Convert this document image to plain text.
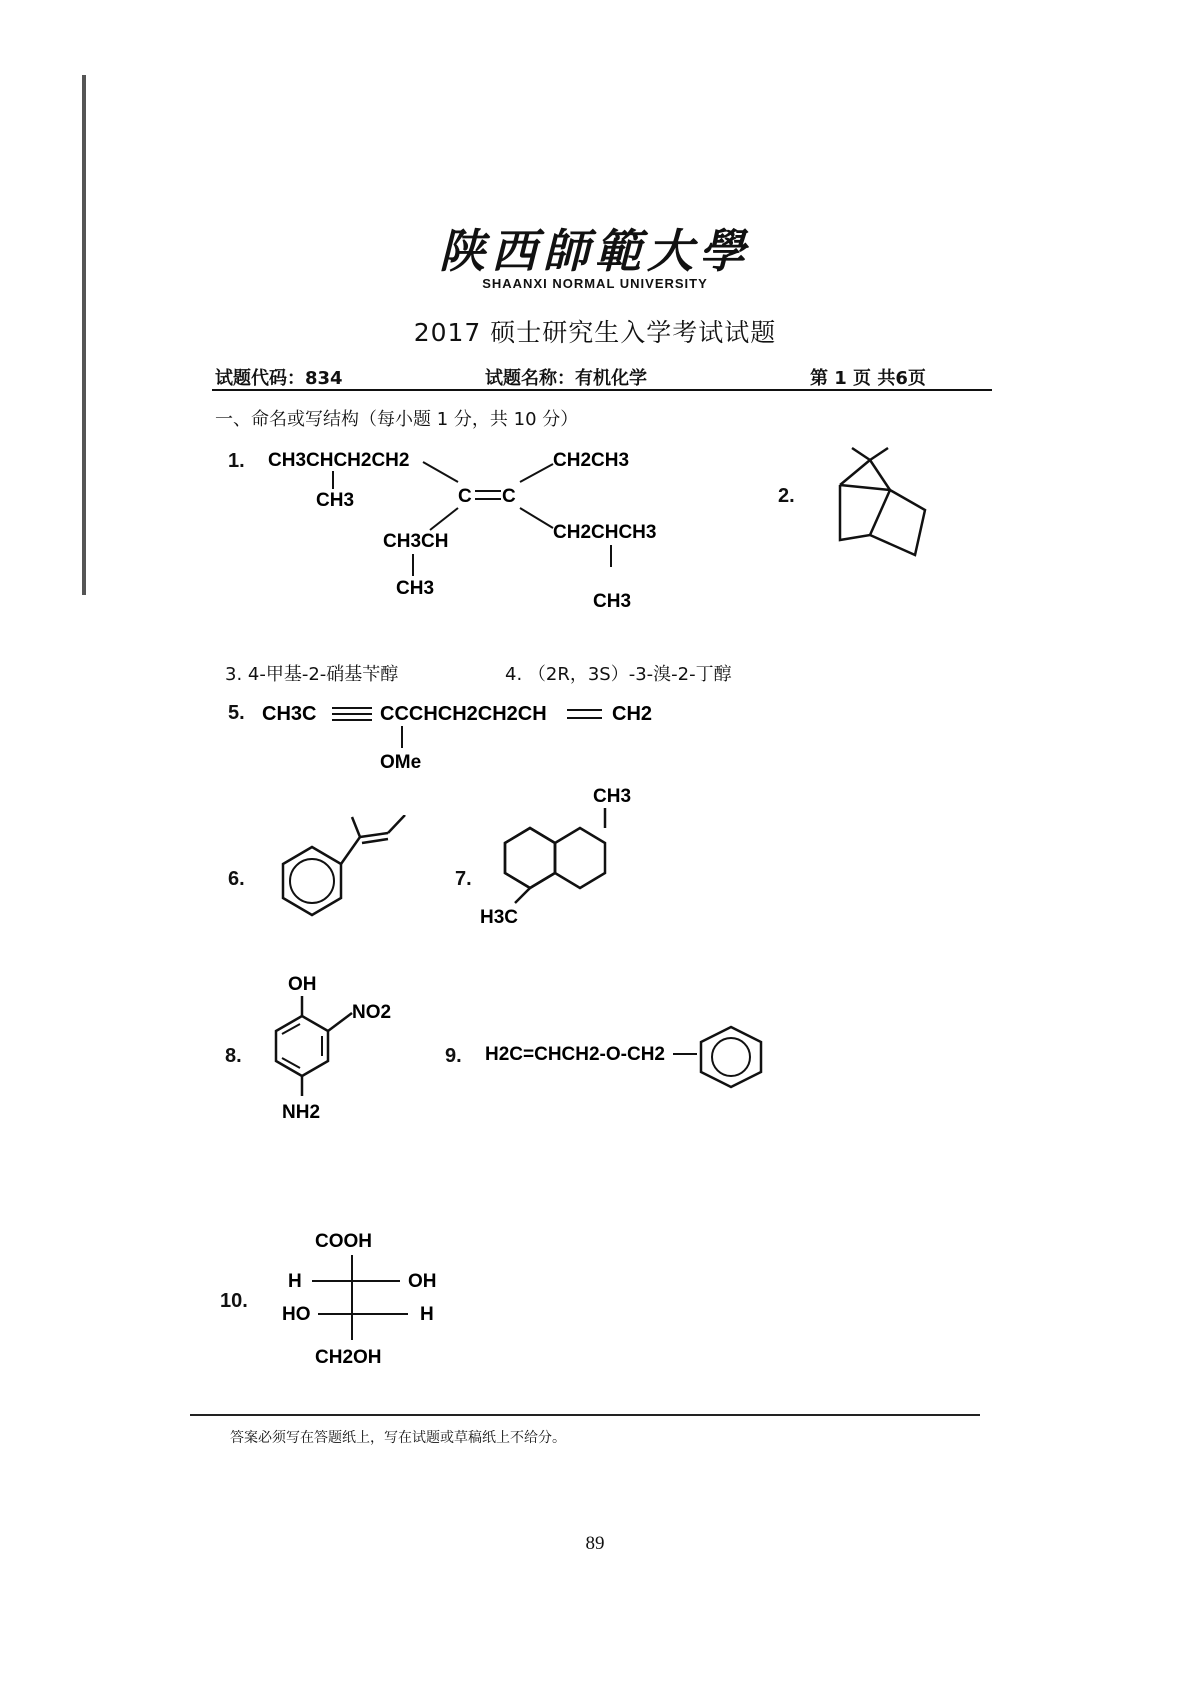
陕西師範大學
SHAANXI NORMAL UNIVERSITY
2017 硕士研究生入学考试试题
试题代码：834	试题名称：有机化学	第 1 页 共6页
一、命名或写结构（每小题 1 分，共 10 分）
1. CH3CHCH2CH2
CH3	C C
CH2CH3
CH3CH
CH3
CH2CHCH3
CH3
2.
3. 4-甲基-2-硝基苄醇	4. （2R，3S）-3-溴-2-丁醇
5. CH3C	CCCHCH2CH2CH	CH2
OMe
6.	7.
CH3
H3C
8.
OH
NO2
NH2
9. H2C=CHCH2-O-CH2
10.
COOH
H	OH
HO	H
CH2OH
答案必须写在答题纸上，写在试题或草稿纸上不给分。
89
